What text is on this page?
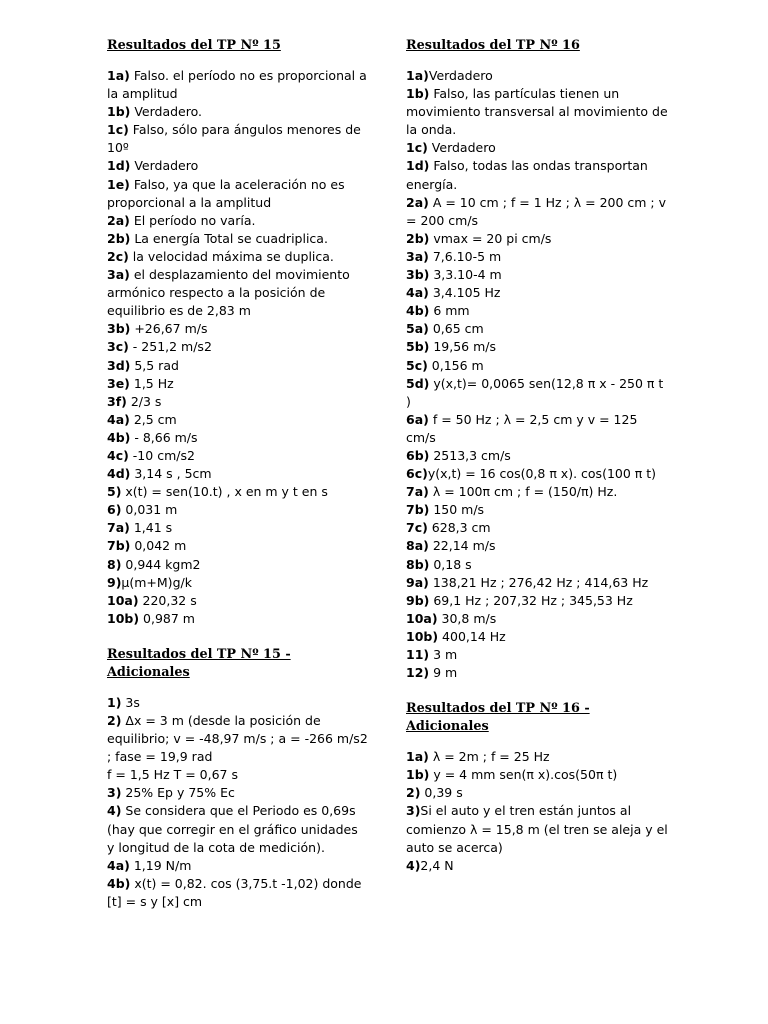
Resultados del TP Nº 15
1a) Falso. el período no es proporcional a la amplitud
1b) Verdadero.
1c) Falso, sólo para ángulos menores de 10º
1d) Verdadero
1e) Falso, ya que la aceleración no es proporcional a la amplitud
2a) El período no varía.
2b) La energía Total se cuadriplica.
2c) la velocidad máxima se duplica.
3a) el desplazamiento del movimiento armónico respecto a la posición de equilibrio es de 2,83 m
3b) +26,67 m/s
3c) - 251,2 m/s2
3d) 5,5 rad
3e) 1,5 Hz
3f) 2/3 s
4a) 2,5 cm
4b) - 8,66 m/s
4c) -10 cm/s2
4d) 3,14 s , 5cm
5) x(t) = sen(10.t) , x en m y t en s
6) 0,031 m
7a) 1,41 s
7b) 0,042 m
8) 0,944 kgm2
9)μ(m+M)g/k
10a) 220,32 s
10b) 0,987 m
Resultados del TP Nº 15 - Adicionales
1) 3s
2) Δx = 3 m (desde la posición de equilibrio; v = -48,97 m/s ; a = -266 m/s2 ; fase = 19,9 rad
f = 1,5 Hz T = 0,67 s
3) 25% Ep y 75% Ec
4) Se considera que el Periodo es 0,69s (hay que corregir en el gráfico unidades y longitud de la cota de medición).
4a) 1,19 N/m
4b) x(t) = 0,82. cos (3,75.t -1,02) donde [t] = s y [x] cm
Resultados del TP Nº 16
1a)Verdadero
1b) Falso, las partículas tienen un movimiento transversal al movimiento de la onda.
1c) Verdadero
1d) Falso, todas las ondas transportan energía.
2a) A = 10 cm ; f = 1 Hz ; λ = 200 cm ; v = 200 cm/s
2b) vmax = 20 pi cm/s
3a) 7,6.10-5 m
3b) 3,3.10-4 m
4a) 3,4.105 Hz
4b) 6 mm
5a) 0,65 cm
5b) 19,56 m/s
5c) 0,156 m
5d) y(x,t)= 0,0065 sen(12,8 π x - 250 π t )
6a) f = 50 Hz ; λ = 2,5 cm y v = 125 cm/s
6b) 2513,3 cm/s
6c)y(x,t) = 16 cos(0,8 π x). cos(100 π t)
7a) λ = 100π cm ; f = (150/π) Hz.
7b) 150 m/s
7c) 628,3 cm
8a) 22,14 m/s
8b) 0,18 s
9a) 138,21 Hz ; 276,42 Hz ; 414,63 Hz
9b) 69,1 Hz ; 207,32 Hz ; 345,53 Hz
10a) 30,8 m/s
10b) 400,14 Hz
11) 3 m
12) 9 m
Resultados del TP Nº 16 - Adicionales
1a) λ = 2m ; f = 25 Hz
1b) y = 4 mm sen(π x).cos(50π t)
2) 0,39 s
3)Si el auto y el tren están juntos al comienzo λ = 15,8 m (el tren se aleja y el auto se acerca)
4)2,4 N
